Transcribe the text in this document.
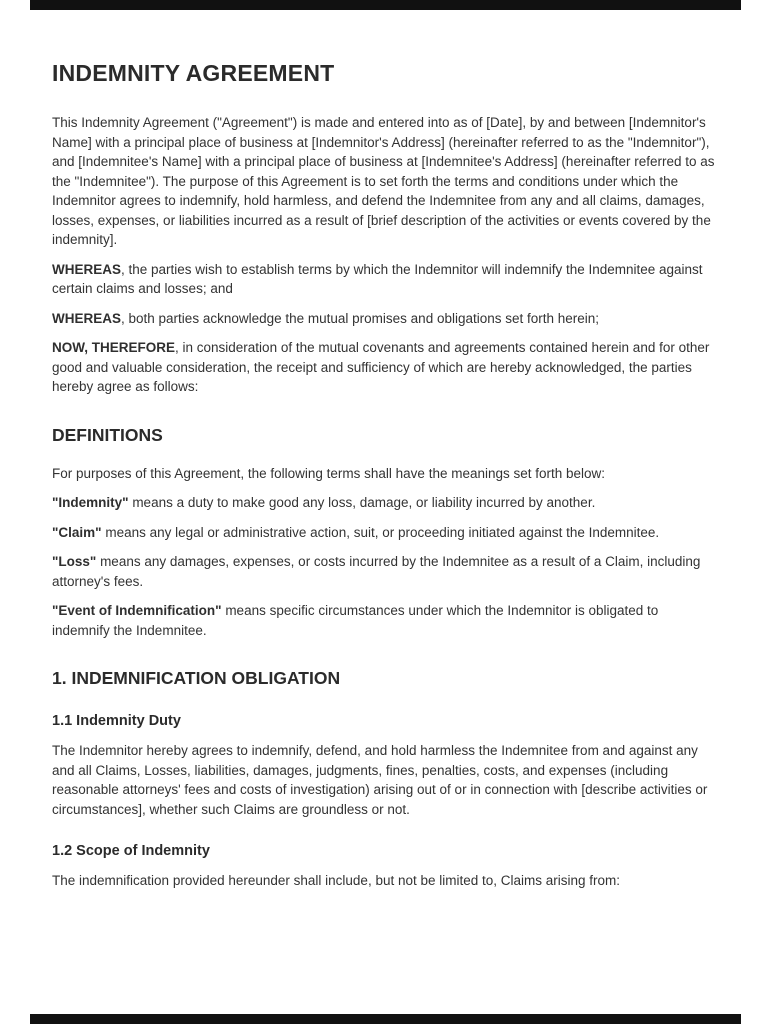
INDEMNITY AGREEMENT

This Indemnity Agreement ("Agreement") is made and entered into as of [Date], by and between [Indemnitor's Name] with a principal place of business at [Indemnitor's Address] (hereinafter referred to as the "Indemnitor"), and [Indemnitee's Name] with a principal place of business at [Indemnitee's Address] (hereinafter referred to as the "Indemnitee"). The purpose of this Agreement is to set forth the terms and conditions under which the Indemnitor agrees to indemnify, hold harmless, and defend the Indemnitee from any and all claims, damages, losses, expenses, or liabilities incurred as a result of [brief description of the activities or events covered by the indemnity].

WHEREAS, the parties wish to establish terms by which the Indemnitor will indemnify the Indemnitee against certain claims and losses; and

WHEREAS, both parties acknowledge the mutual promises and obligations set forth herein;

NOW, THEREFORE, in consideration of the mutual covenants and agreements contained herein and for other good and valuable consideration, the receipt and sufficiency of which are hereby acknowledged, the parties hereby agree as follows:

DEFINITIONS

For purposes of this Agreement, the following terms shall have the meanings set forth below:

"Indemnity" means a duty to make good any loss, damage, or liability incurred by another.

"Claim" means any legal or administrative action, suit, or proceeding initiated against the Indemnitee.

"Loss" means any damages, expenses, or costs incurred by the Indemnitee as a result of a Claim, including attorney's fees.

"Event of Indemnification" means specific circumstances under which the Indemnitor is obligated to indemnify the Indemnitee.

1. INDEMNIFICATION OBLIGATION
1.1 Indemnity Duty

The Indemnitor hereby agrees to indemnify, defend, and hold harmless the Indemnitee from and against any and all Claims, Losses, liabilities, damages, judgments, fines, penalties, costs, and expenses (including reasonable attorneys' fees and costs of investigation) arising out of or in connection with [describe activities or circumstances], whether such Claims are groundless or not.

1.2 Scope of Indemnity

The indemnification provided hereunder shall include, but not be limited to, Claims arising from:
